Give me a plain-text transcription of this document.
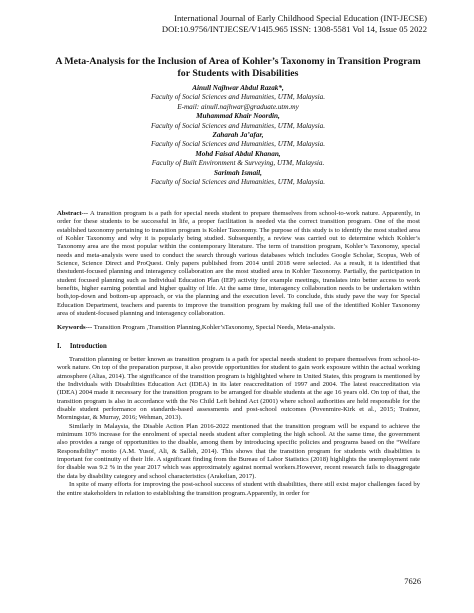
International Journal of Early Childhood Special Education (INT-JECSE)
DOI:10.9756/INTJECSE/V14I5.965 ISSN: 1308-5581 Vol 14, Issue 05 2022
A Meta-Analysis for the Inclusion of Area of Kohler’s Taxonomy in Transition Program for Students with Disabilities
Ainull Najhwar Abdul Razak*,
Faculty of Social Sciences and Humanities, UTM, Malaysia.
E-mail: ainull.najhwar@graduate.utm.my
Muhammad Khair Noordin,
Faculty of Social Sciences and Humanities, UTM, Malaysia.
Zaharah Ja’afar,
Faculty of Social Sciences and Humanities, UTM, Malaysia.
Mohd Faisal Abdul Khanan,
Faculty of Built Environment & Surveying, UTM, Malaysia.
Sarimah Ismail,
Faculty of Social Sciences and Humanities, UTM, Malaysia.
Abstract--- A transition program is a path for special needs student to prepare themselves from school-to-work nature. Apparently, in order for these students to be successful in life, a proper facilitation is needed via the correct transition program. One of the most established taxonomy pertaining to transition program is Kohler Taxonomy. The purpose of this study is to identify the most studied area of Kohler Taxonomy and why it is popularly being studied. Subsequently, a review was carried out to determine which Kohler’s Taxonomy area are the most popular within the contemporary literature. The term of transition program, Kohler’s Taxonomy, special needs and meta-analysis were used to conduct the search through various databases which includes Google Scholar, Scopus, Web of Science, Science Direct and ProQuest. Only papers published from 2014 until 2018 were selected. As a result, it is identified that thestudent-focused planning and interagency collaboration are the most studied area in Kohler Taxonomy. Partially, the participation in student focused planning such as Individual Education Plan (IEP) activity for example meetings, translates into better access to work benefits, higher earning potential and higher quality of life. At the same time, interagency collaboration needs to be undertaken within both,top-down and bottom-up approach, or via the planning and the execution level. To conclude, this study pave the way for Special Education Department, teachers and parents to improve the transition program by making full use of the identified Kohler Taxonomy area of student-focused planning and interagency collaboration.
Keywords--- Transition Program ,Transition Planning,Kohler’sTaxonomy, Special Needs, Meta-analysis.
I.     Introduction

Transition planning or better known as transition program is a path for special needs student to prepare themselves from school-to-work nature. On top of the preparation purpose, it also provide opportunities for student to gain work exposure within the actual working atmosphere (Alias, 2014). The significance of the transition program is highlighted where in United States, this program is mentioned by the Individuals with Disabilities Education Act (IDEA) in its later reaccreditation of 1997 and 2004. The latest reaccreditation via (IDEA) 2004 made it necessary for the transition program to be arranged for disable students at the age 16 years old. On top of that, the transition program is also in accordance with the No Child Left behind Act (2001) where school authorities are held responsible for the disable student performance on standards-based assessments and post-school outcomes (Povenmire-Kirk et al., 2015; Trainor, Morningstar, & Murray, 2016; Wehman, 2013).

Similarly in Malaysia, the Disable Action Plan 2016-2022 mentioned that the transition program will be expand to achieve the minimum 10% increase for the enrolment of special needs student after completing the high school. At the same time, the government also provides a range of opportunities to the disable, among them by introducing specific policies and programs based on the “Welfare Responsibility” motto (A.M. Yusof, Ali, & Salleh, 2014). This shows that the transition program for students with disabilities is important for continuity of their life. A significant finding from the Bureau of Labor Statistics (2018) highlights the unemployment rate for disable was 9.2 % in the year 2017 which was approximately against normal workers.However, recent research fails to disaggregate the data by disability category and school characteristics (Arakelian, 2017).

In spite of many efforts for improving the post-school success of student with disabilities, there still exist major challenges faced by the entire stakeholders in relation to establishing the transition program.Apparently, in order for

7626
